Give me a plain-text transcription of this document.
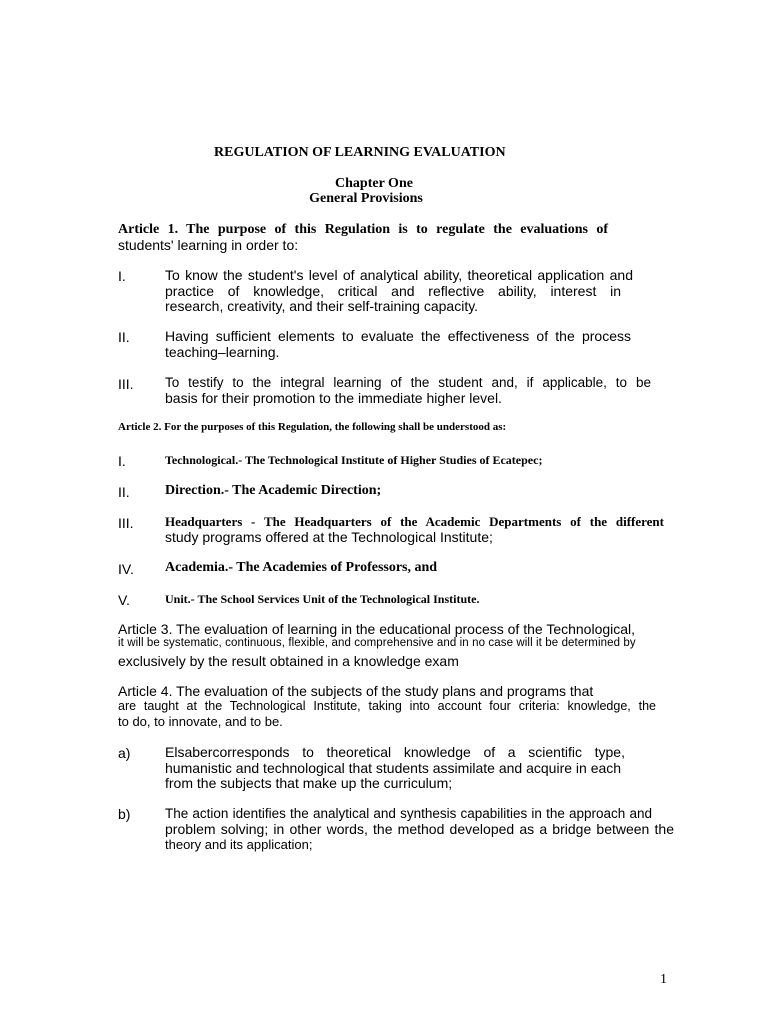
REGULATION OF LEARNING EVALUATION
Chapter One
General Provisions
Article 1. The purpose of this Regulation is to regulate the evaluations of
students' learning in order to:
I.	To know the student's level of analytical ability, theoretical application and
practice of knowledge, critical and reflective ability, interest in
research, creativity, and their self-training capacity.
II.	Having sufficient elements to evaluate the effectiveness of the process
teaching–learning.
III. To testify to the integral learning of the student and, if applicable, to be
basis for their promotion to the immediate higher level.
Article 2. For the purposes of this Regulation, the following shall be understood as:
I.	Technological.- The Technological Institute of Higher Studies of Ecatepec;
II.	Direction.- The Academic Direction;
III. Headquarters - The Headquarters of the Academic Departments of the different
study programs offered at the Technological Institute;
IV. Academia.- The Academies of Professors, and
V.	Unit.- The School Services Unit of the Technological Institute.
Article 3. The evaluation of learning in the educational process of the Technological,
it will be systematic, continuous, flexible, and comprehensive and in no case will it be determined by
exclusively by the result obtained in a knowledge exam
Article 4. The evaluation of the subjects of the study plans and programs that
are taught at the Technological Institute, taking into account four criteria: knowledge, the
to do, to innovate, and to be.
a) Elsabercorresponds to theoretical knowledge of a scientific type,
humanistic and technological that students assimilate and acquire in each
from the subjects that make up the curriculum;
b)	The action identifies the analytical and synthesis capabilities in the approach and
problem solving; in other words, the method developed as a bridge between the
theory and its application;
1
